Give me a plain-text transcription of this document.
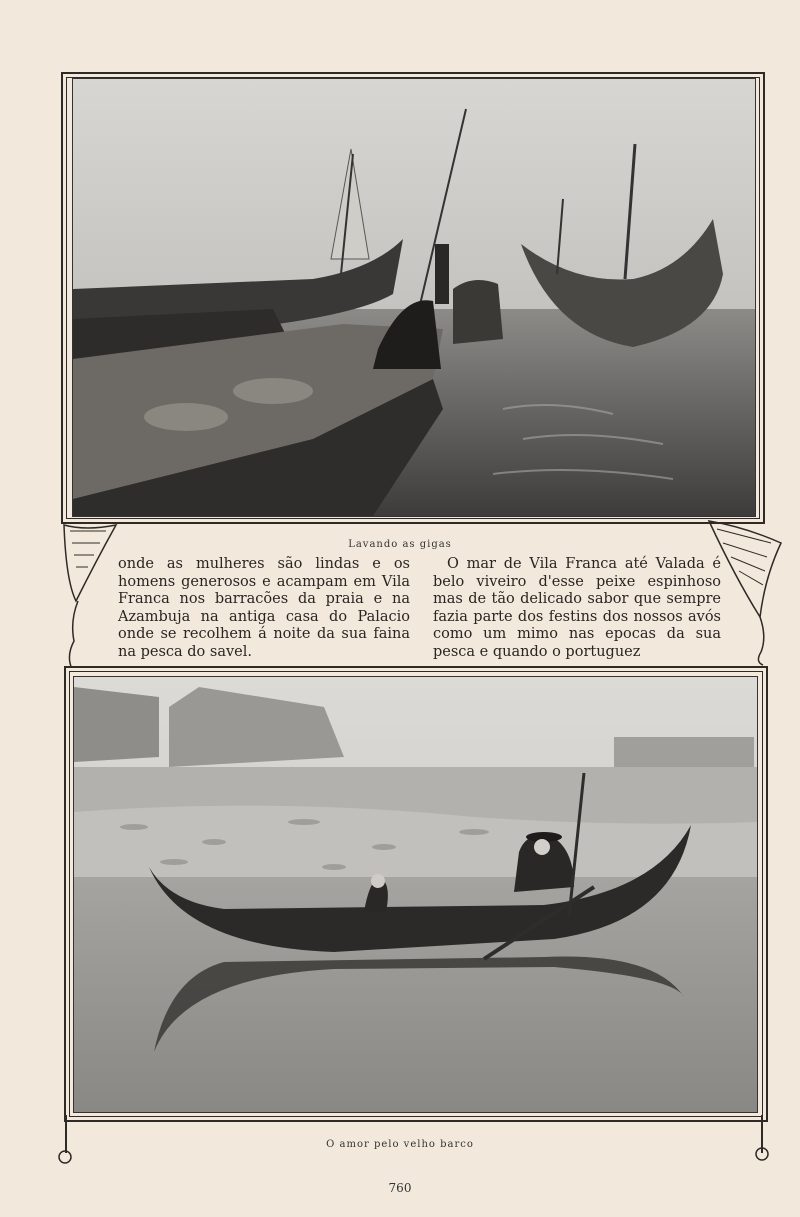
Lavando as gigas

onde as mulheres são lindas e os homens generosos e acampam em Vila Franca nos barracões da praia e na Azambuja na antiga casa do Palacio onde se recolhem á noite da sua faina na pesca do savel.

O mar de Vila Franca até Valada é belo viveiro d'esse peixe espinhoso mas de tão delicado sabor que sempre fazia parte dos festins dos nossos avós como um mimo nas epocas da sua pesca e quando o portuguez

O amor pelo velho barco
760
